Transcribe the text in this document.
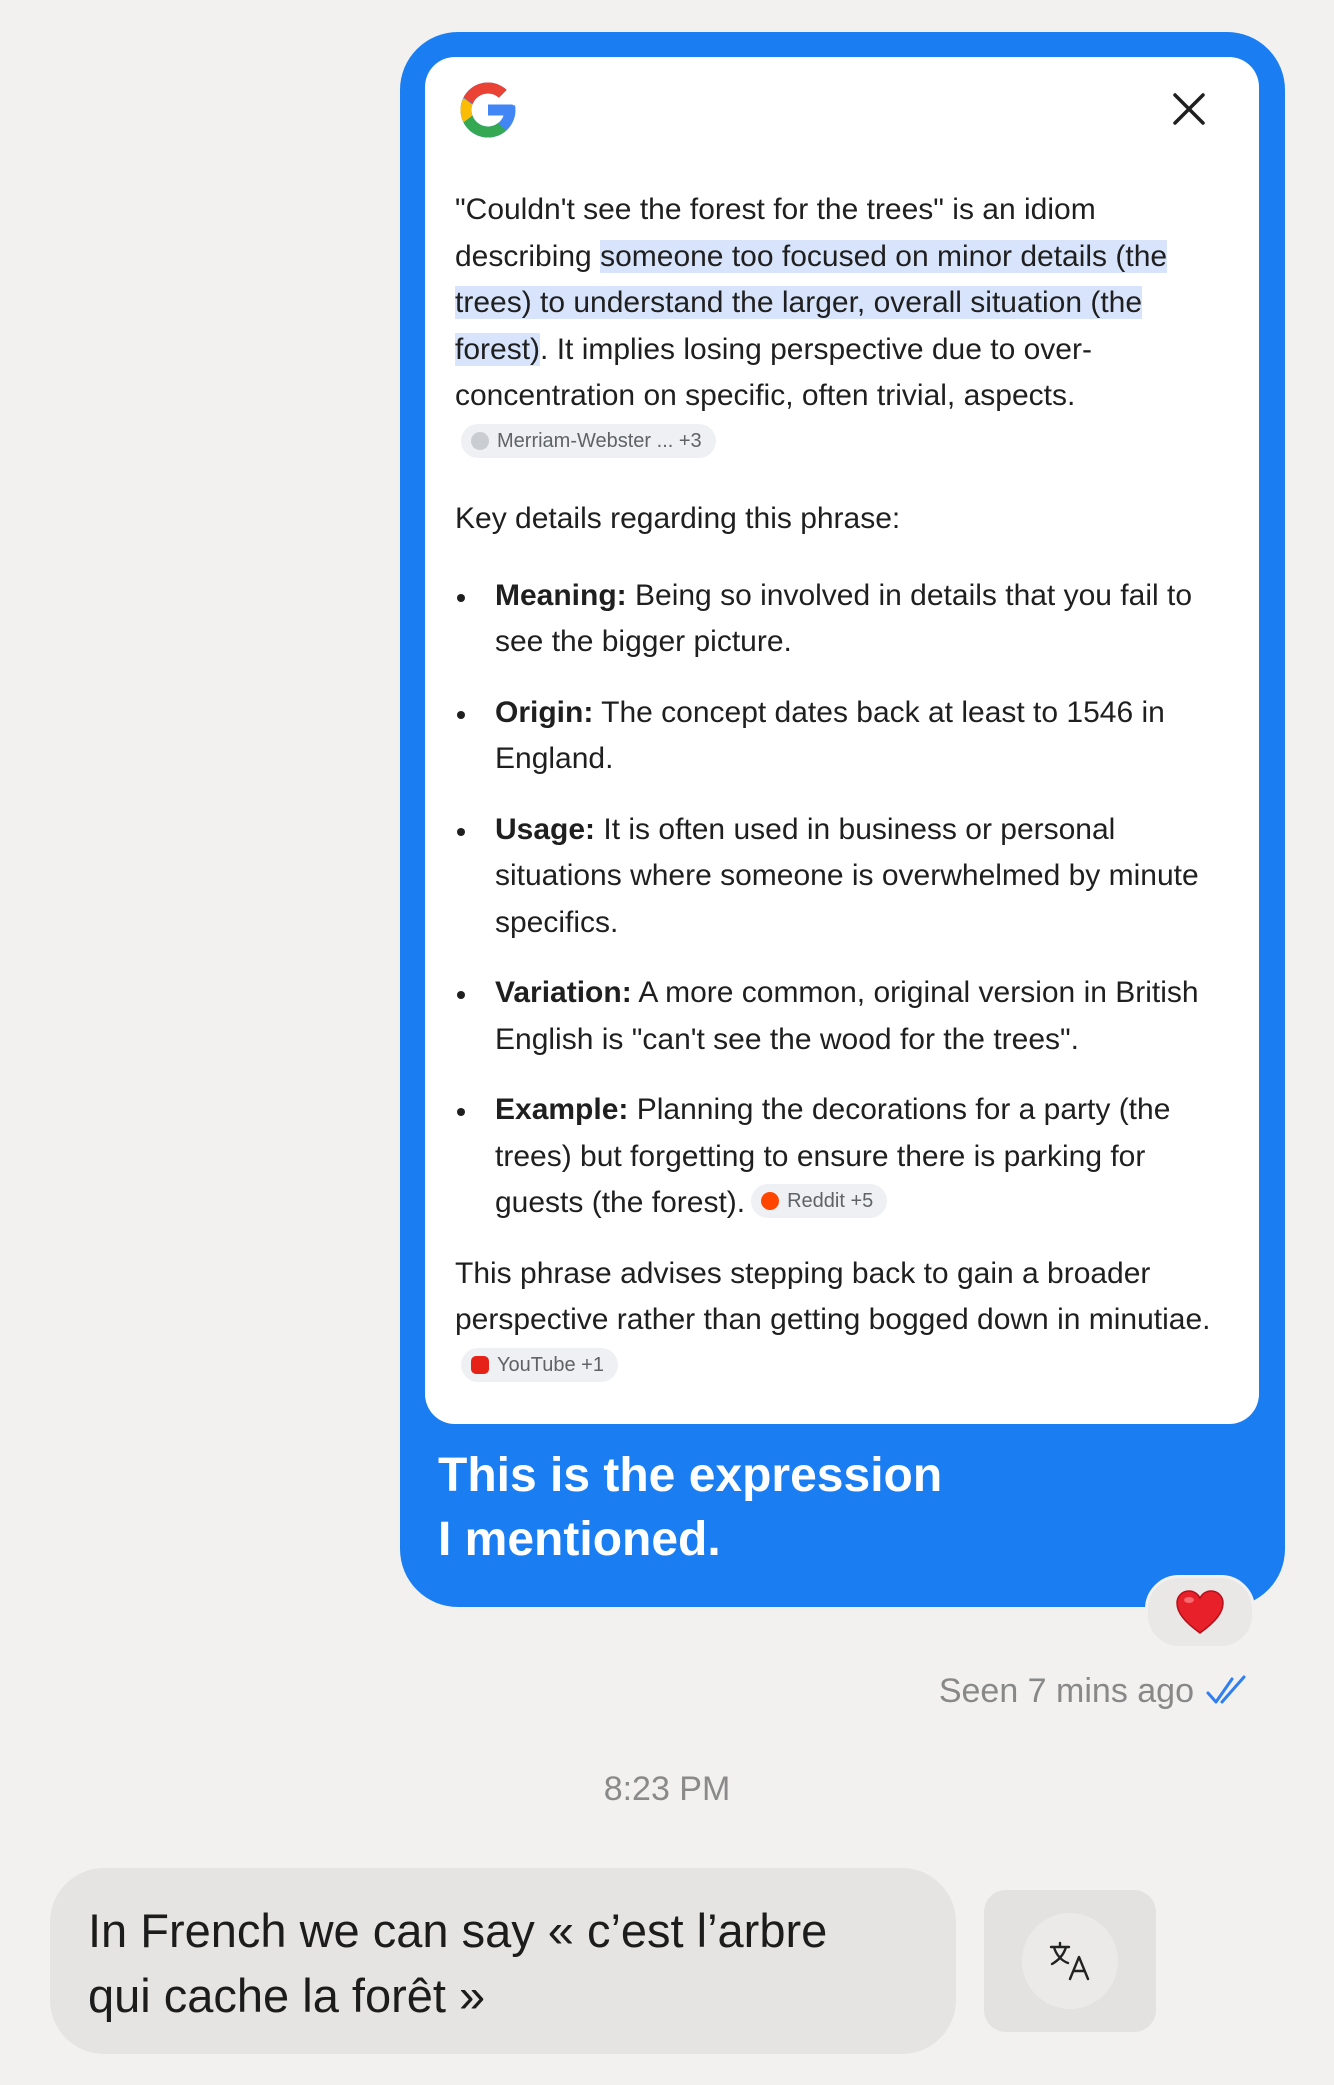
"Couldn't see the forest for the trees" is an idiom describing someone too focused on minor details (the trees) to understand the larger, overall situation (the forest). It implies losing perspective due to over-concentration on specific, often trivial, aspects.Merriam-Webster ... +3

Key details regarding this phrase:

Meaning: Being so involved in details that you fail to see the bigger picture.
Origin: The concept dates back at least to 1546 in England.
Usage: It is often used in business or personal situations where someone is overwhelmed by minute specifics.
Variation: A more common, original version in British English is "can't see the wood for the trees".
Example: Planning the decorations for a party (the trees) but forgetting to ensure there is parking for guests (the forest). Reddit +5

This phrase advises stepping back to gain a broader perspective rather than getting bogged down in minutiae.YouTube +1

This is the expression
I mentioned.
Seen 7 mins ago
8:23 PM
In French we can say « c’est l’arbre
qui cache la forêt »
